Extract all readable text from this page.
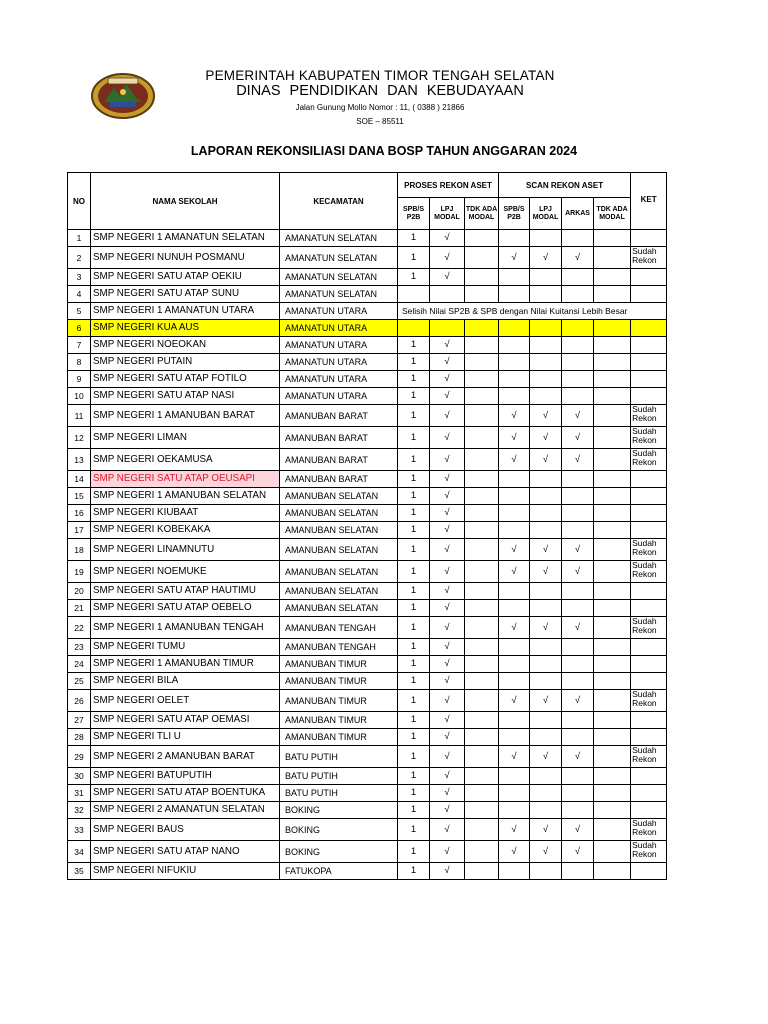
PEMERINTAH KABUPATEN TIMOR TENGAH SELATAN
DINAS PENDIDIKAN DAN KEBUDAYAAN
Jalan Gunung Mollo Nomor : 11, ( 0388 ) 21866
SOE – 85511
LAPORAN REKONSILIASI DANA BOSP TAHUN ANGGARAN 2024
NO	NAMA SEKOLAH	KECAMATAN	PROSES REKON ASET			SCAN REKON ASET				KET
			SPB/S P2B	LPJ MODAL	TDK ADA MODAL	SPB/S P2B	LPJ MODAL	ARKAS	TDK ADA MODAL	
1	SMP NEGERI 1 AMANATUN SELATAN	AMANATUN SELATAN	1	√						
2	SMP NEGERI NUNUH POSMANU	AMANATUN SELATAN	1	√		√	√	√		Sudah Rekon
3	SMP NEGERI SATU ATAP OEKIU	AMANATUN SELATAN	1	√						
4	SMP NEGERI SATU ATAP SUNU	AMANATUN SELATAN								
5	SMP NEGERI 1 AMANATUN UTARA	AMANATUN UTARA	Selisih Nilai SP2B & SPB dengan Nilai Kuitansi Lebih Besar							
6	SMP NEGERI KUA AUS	AMANATUN UTARA								
7	SMP NEGERI NOEOKAN	AMANATUN UTARA	1	√						
8	SMP NEGERI PUTAIN	AMANATUN UTARA	1	√						
9	SMP NEGERI SATU ATAP FOTILO	AMANATUN UTARA	1	√						
10	SMP NEGERI SATU ATAP NASI	AMANATUN UTARA	1	√						
11	SMP NEGERI 1 AMANUBAN BARAT	AMANUBAN BARAT	1	√		√	√	√		Sudah Rekon
12	SMP NEGERI LIMAN	AMANUBAN BARAT	1	√		√	√	√		Sudah Rekon
13	SMP NEGERI OEKAMUSA	AMANUBAN BARAT	1	√		√	√	√		Sudah Rekon
14	SMP NEGERI SATU ATAP OEUSAPI	AMANUBAN BARAT	1	√						
15	SMP NEGERI 1 AMANUBAN SELATAN	AMANUBAN SELATAN	1	√						
16	SMP NEGERI KIUBAAT	AMANUBAN SELATAN	1	√						
17	SMP NEGERI KOBEKAKA	AMANUBAN SELATAN	1	√						
18	SMP NEGERI LINAMNUTU	AMANUBAN SELATAN	1	√		√	√	√		Sudah Rekon
19	SMP NEGERI NOEMUKE	AMANUBAN SELATAN	1	√		√	√	√		Sudah Rekon
20	SMP NEGERI SATU ATAP HAUTIMU	AMANUBAN SELATAN	1	√						
21	SMP NEGERI SATU ATAP OEBELO	AMANUBAN SELATAN	1	√						
22	SMP NEGERI 1 AMANUBAN TENGAH	AMANUBAN TENGAH	1	√		√	√	√		Sudah Rekon
23	SMP NEGERI TUMU	AMANUBAN TENGAH	1	√						
24	SMP NEGERI 1 AMANUBAN TIMUR	AMANUBAN TIMUR	1	√						
25	SMP NEGERI BILA	AMANUBAN TIMUR	1	√						
26	SMP NEGERI OELET	AMANUBAN TIMUR	1	√		√	√	√		Sudah Rekon
27	SMP NEGERI SATU ATAP OEMASI	AMANUBAN TIMUR	1	√						
28	SMP NEGERI TLI U	AMANUBAN TIMUR	1	√						
29	SMP NEGERI 2 AMANUBAN BARAT	BATU PUTIH	1	√		√	√	√		Sudah Rekon
30	SMP NEGERI BATUPUTIH	BATU PUTIH	1	√						
31	SMP NEGERI SATU ATAP BOENTUKA	BATU PUTIH	1	√						
32	SMP NEGERI 2 AMANATUN SELATAN	BOKING	1	√						
33	SMP NEGERI BAUS	BOKING	1	√		√	√	√		Sudah Rekon
34	SMP NEGERI SATU ATAP NANO	BOKING	1	√		√	√	√		Sudah Rekon
35	SMP NEGERI NIFUKIU	FATUKOPA	1	√						
